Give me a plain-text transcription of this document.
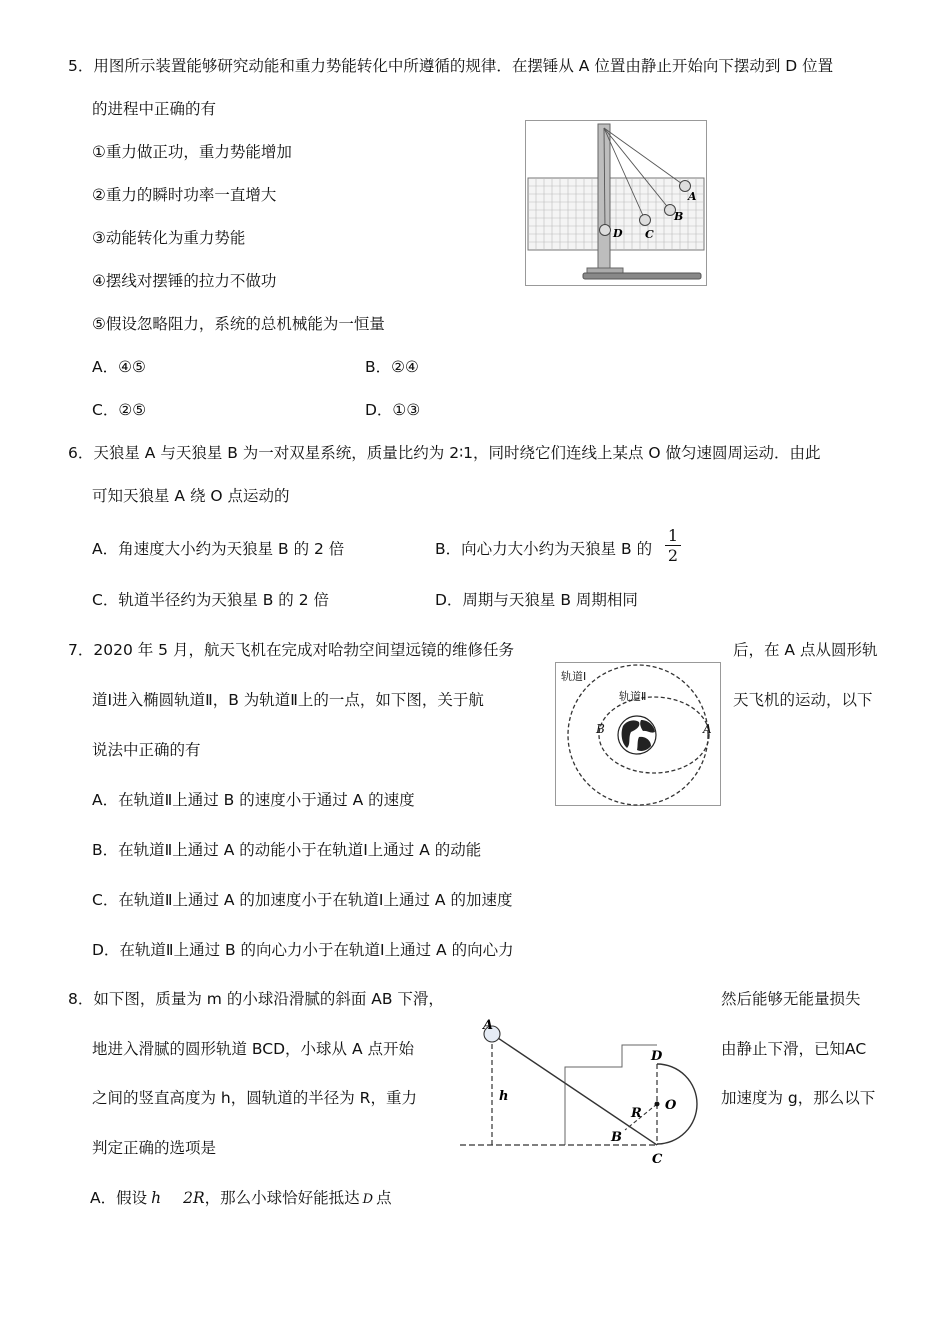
5．用图所示装置能够研究动能和重力势能转化中所遵循的规律．在摆锤从 A 位置由静止开始向下摆动到 D 位置
的进程中正确的有
①重力做正功，重力势能增加
②重力的瞬时功率一直增大
③动能转化为重力势能
④摆线对摆锤的拉力不做功
⑤假设忽略阻力，系统的总机械能为一恒量
A．④⑤	B．②④
C．②⑤	D．①③
A
B
C
D
6．天狼星 A 与天狼星 B 为一对双星系统，质量比约为 2∶1，同时绕它们连线上某点 O 做匀速圆周运动．由此
可知天狼星 A 绕 O 点运动的
A．角速度大小约为天狼星 B 的 2 倍	B．向心力大小约为天狼星 B 的 $\frac{1}{2}$
C．轨道半径约为天狼星 B 的 2 倍	D．周期与天狼星 B 周期相同
7．2020 年 5 月，航天飞机在完成对哈勃空间望远镜的维修任务	后，在 A 点从圆形轨
道Ⅰ进入椭圆轨道Ⅱ，B 为轨道Ⅱ上的一点，如下图，关于航	天飞机的运动，以下
说法中正确的有
A．在轨道Ⅱ上通过 B 的速度小于通过 A 的速度
B．在轨道Ⅱ上通过 A 的动能小于在轨道Ⅰ上通过 A 的动能
C．在轨道Ⅱ上通过 A 的加速度小于在轨道Ⅰ上通过 A 的加速度
D．在轨道Ⅱ上通过 B 的向心力小于在轨道Ⅰ上通过 A 的向心力
轨道Ⅰ
轨道Ⅱ
A
B
8．如下图，质量为 m 的小球沿滑腻的斜面 AB 下滑，	然后能够无能量损失
地进入滑腻的圆形轨道 BCD，小球从 A 点开始	由静止下滑，已知AC
之间的竖直高度为 h，圆轨道的半径为 R，重力	加速度为 g，那么以下
判定正确的选项是
A．假设 h 2R，那么小球恰好能抵达 D 点
A
h
D
O
R
B
C
